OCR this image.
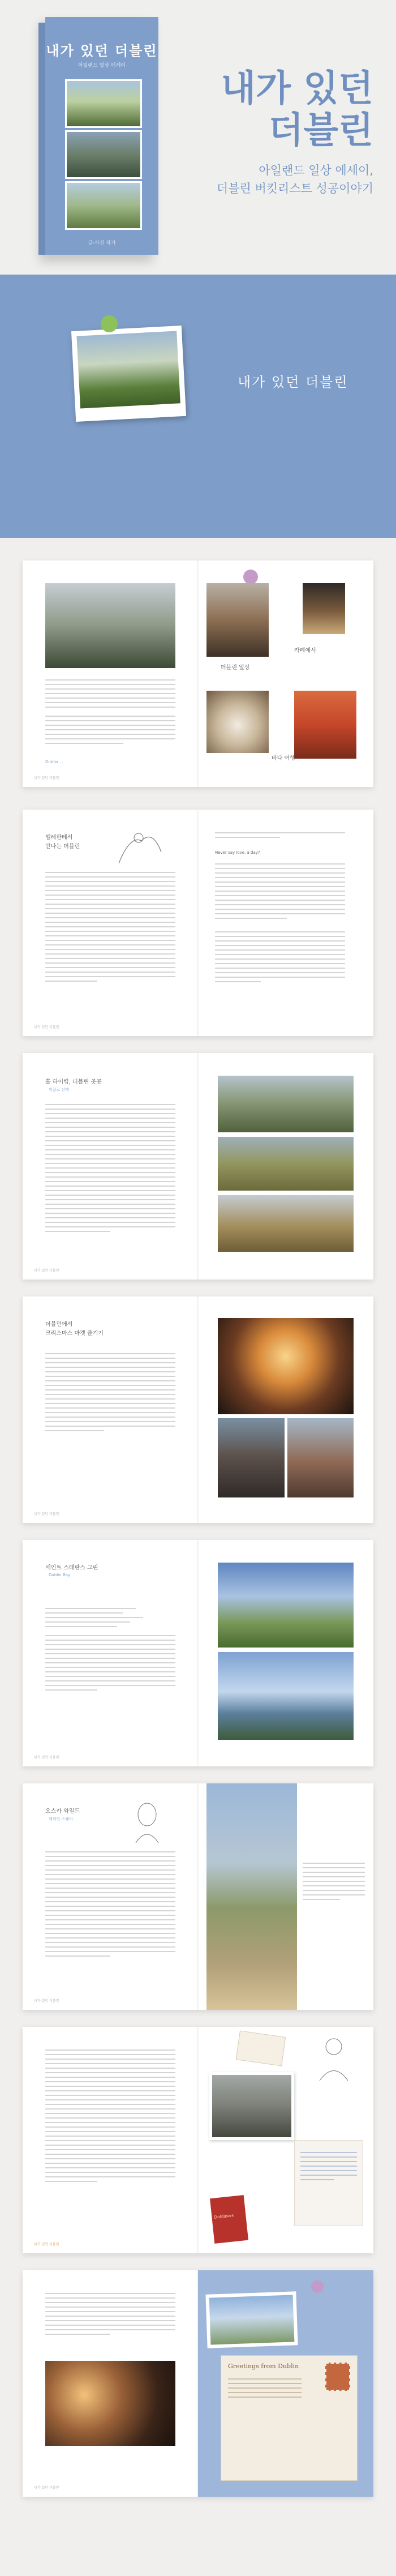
내가 있던 더블린
아일랜드 일상 에세이
글·사진 작가
내가 있던
더블린
아일랜드 일상 에세이,
더블린 버킷리스트 성공이야기
내가 있던 더블린
Dublin ...
내가 있던 더블린
더블린 일상
카페에서
바다 여행
엘레판테서
만나는 더블린
내가 있던 더블린
Never say love, a day?
홀 하이킹, 더블린 곳곳
위클로 산맥
내가 있던 더블린
더블린에서
크리스마스 마켓 즐기기
내가 있던 더블린
세인트 스테판스 그린
Dublin Bay
내가 있던 더블린
오스카 와일드
메리언 스퀘어
내가 있던 더블린
내가 있던 더블린
Dubliners
내가 있던 더블린
Greetings from Dublin
